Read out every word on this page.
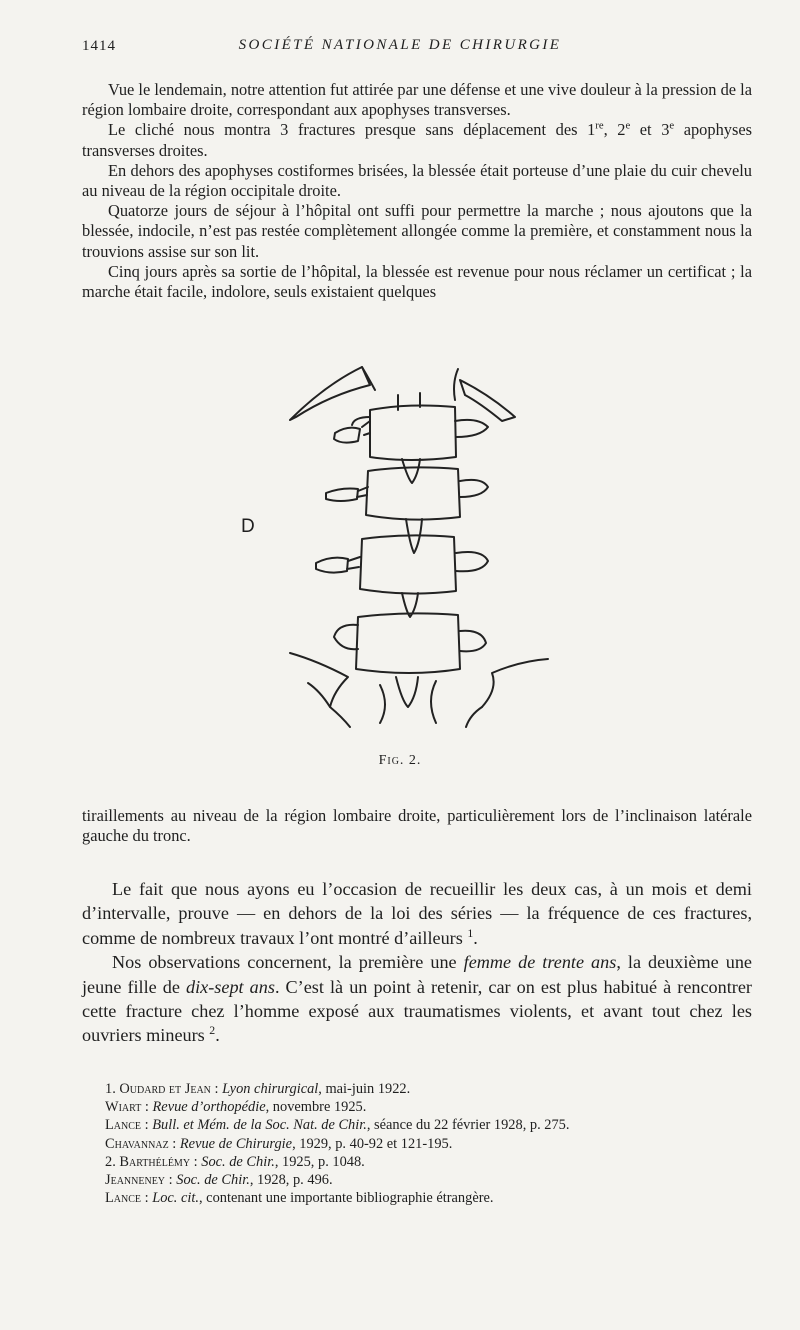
1414	SOCIÉTÉ NATIONALE DE CHIRURGIE

Vue le lendemain, notre attention fut attirée par une défense et une vive douleur à la pression de la région lombaire droite, correspondant aux apophyses transverses.

Le cliché nous montra 3 fractures presque sans déplacement des 1re, 2e et 3e apophyses transverses droites.

En dehors des apophyses costiformes brisées, la blessée était porteuse d’une plaie du cuir chevelu au niveau de la région occipitale droite.

Quatorze jours de séjour à l’hôpital ont suffi pour permettre la marche ; nous ajoutons que la blessée, indocile, n’est pas restée complètement allongée comme la première, et constamment nous la trouvions assise sur son lit.

Cinq jours après sa sortie de l’hôpital, la blessée est revenue pour nous réclamer un certificat ; la marche était facile, indolore, seuls existaient quelques

D
Fig. 2.

tiraillements au niveau de la région lombaire droite, particulièrement lors de l’inclinaison latérale gauche du tronc.

Le fait que nous ayons eu l’occasion de recueillir les deux cas, à un mois et demi d’intervalle, prouve — en dehors de la loi des séries — la fréquence de ces fractures, comme de nombreux travaux l’ont montré d’ailleurs $^1$.

Nos observations concernent, la première une femme de trente ans, la deuxième une jeune fille de dix-sept ans. C’est là un point à retenir, car on est plus habitué à rencontrer cette fracture chez l’homme exposé aux traumatismes violents, et avant tout chez les ouvriers mineurs $^2$.

1. Oudard et Jean : Lyon chirurgical, mai-juin 1922.
Wiart : Revue d’orthopédie, novembre 1925.
Lance : Bull. et Mém. de la Soc. Nat. de Chir., séance du 22 février 1928, p. 275.
Chavannaz : Revue de Chirurgie, 1929, p. 40-92 et 121-195.
2. Barthélémy : Soc. de Chir., 1925, p. 1048.
Jeanneney : Soc. de Chir., 1928, p. 496.
Lance : Loc. cit., contenant une importante bibliographie étrangère.
